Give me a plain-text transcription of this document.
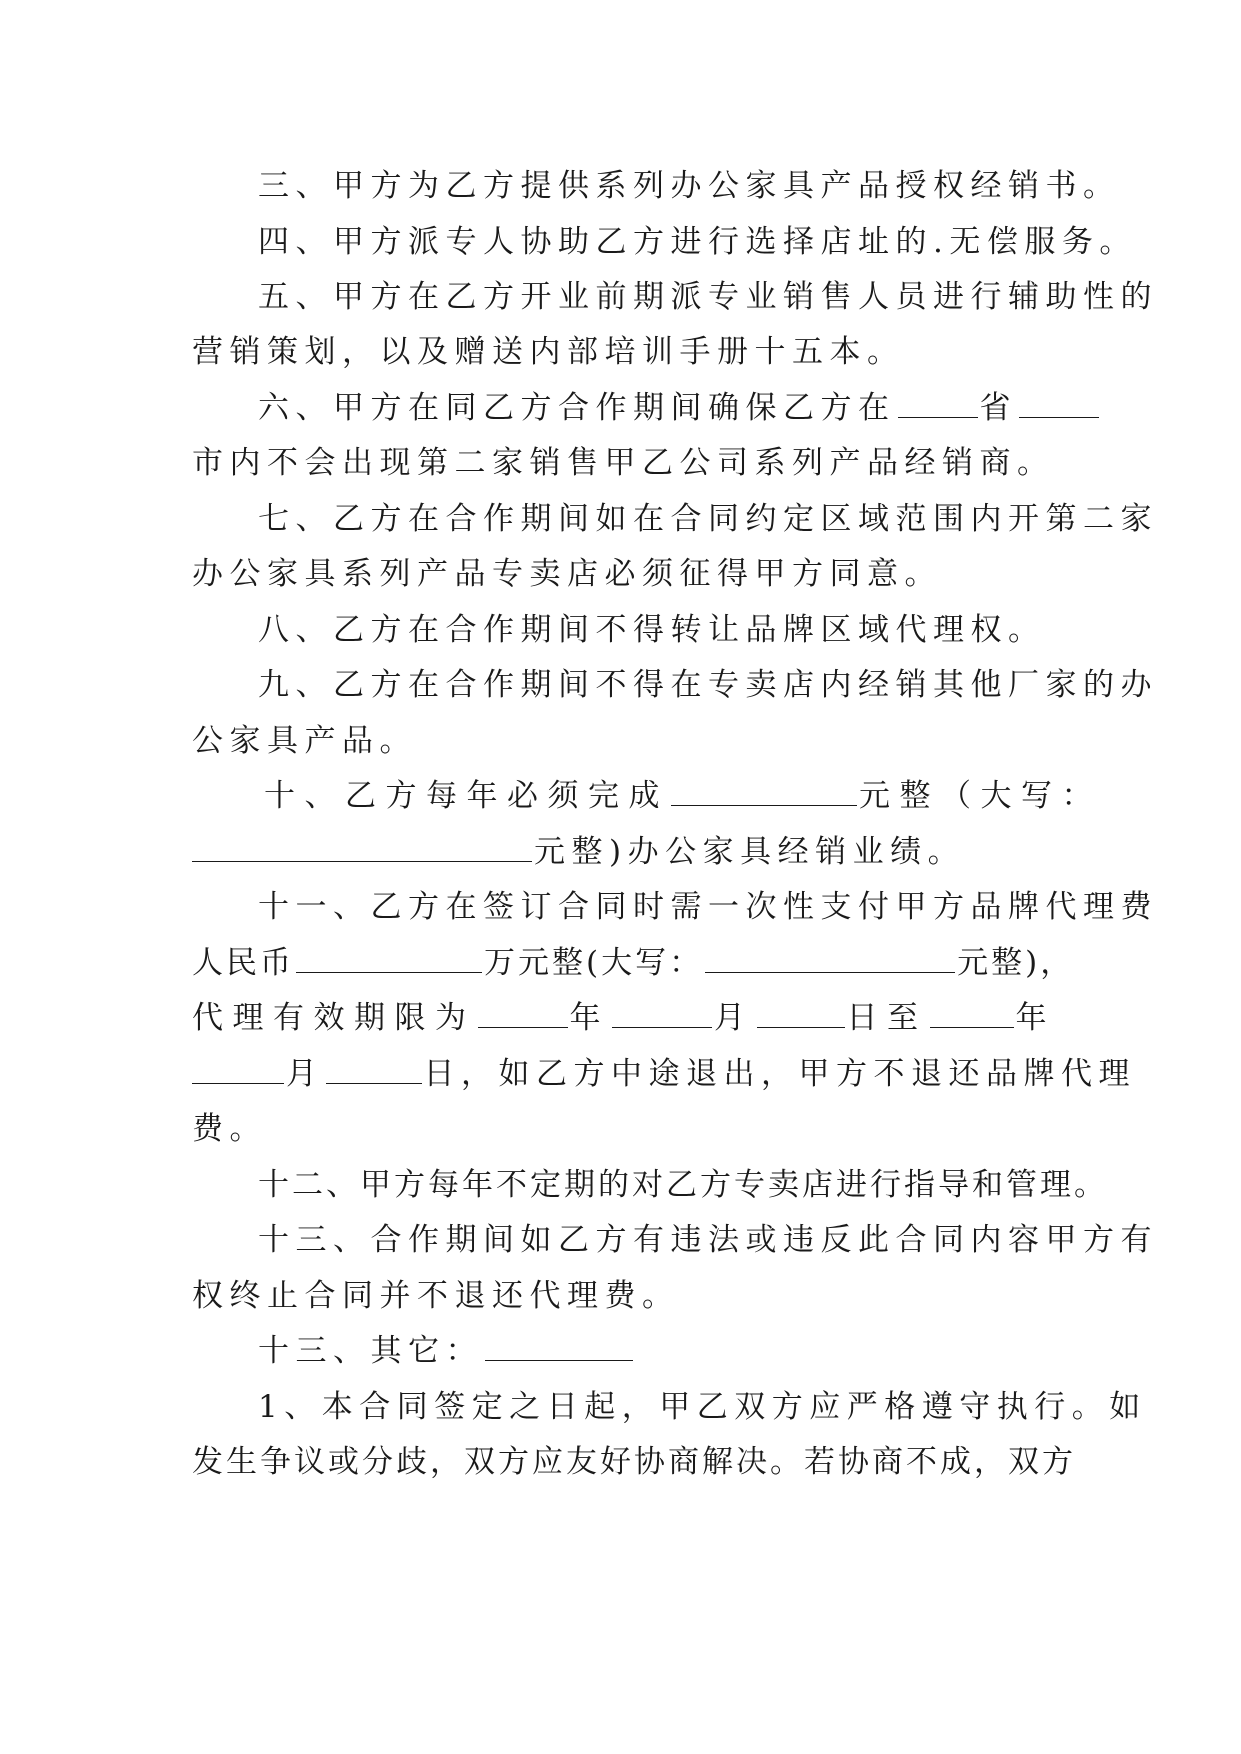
三、甲方为乙方提供系列办公家具产品授权经销书。
四、甲方派专人协助乙方进行选择店址的.无偿服务。
五、甲方在乙方开业前期派专业销售人员进行辅助性的
营销策划，以及赠送内部培训手册十五本。
六、甲方在同乙方合作期间确保乙方在	省
市内不会出现第二家销售甲乙公司系列产品经销商。
七、乙方在合作期间如在合同约定区域范围内开第二家
办公家具系列产品专卖店必须征得甲方同意。
八、乙方在合作期间不得转让品牌区域代理权。
九、乙方在合作期间不得在专卖店内经销其他厂家的办
公家具产品。
十、乙方每年必须完成	元整（大写：
元整)办公家具经销业绩。
十一、乙方在签订合同时需一次性支付甲方品牌代理费
人民币	万元整(大写：	元整)，
代理有效期限为	年	月	日至	年
月	日，如乙方中途退出，甲方不退还品牌代理
费。
十二、甲方每年不定期的对乙方专卖店进行指导和管理。
十三、合作期间如乙方有违法或违反此合同内容甲方有
权终止合同并不退还代理费。
十三、其它：
1、本合同签定之日起，甲乙双方应严格遵守执行。如
发生争议或分歧，双方应友好协商解决。若协商不成，双方
